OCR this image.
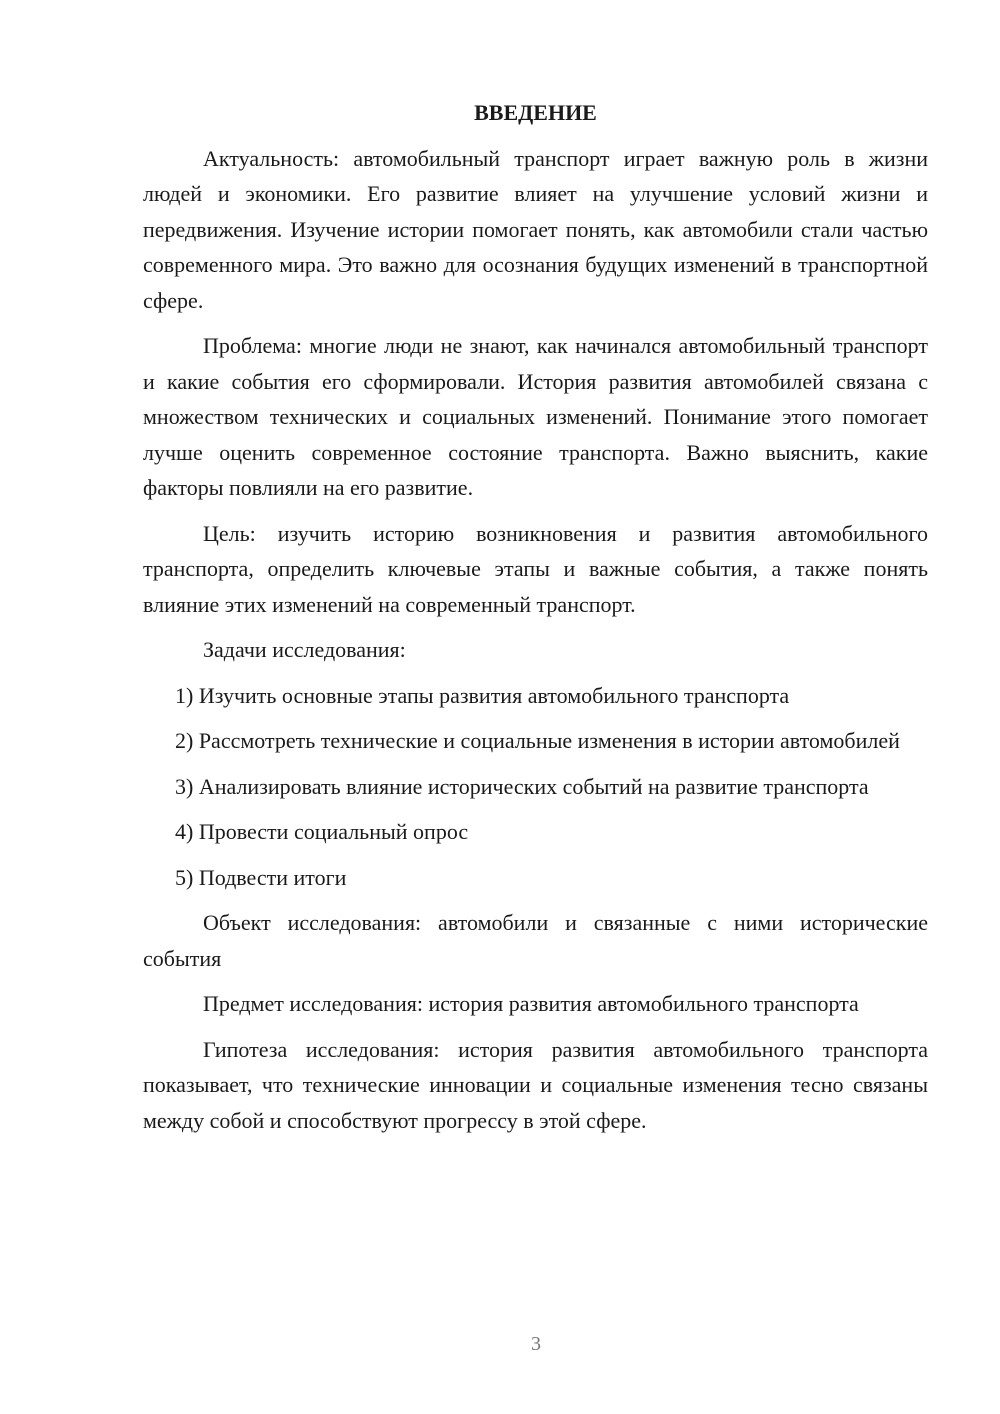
ВВЕДЕНИЕ

Актуальность: автомобильный транспорт играет важную роль в жизни людей и экономики. Его развитие влияет на улучшение условий жизни и передвижения. Изучение истории помогает понять, как автомобили стали частью современного мира. Это важно для осознания будущих изменений в транспортной сфере.

Проблема: многие люди не знают, как начинался автомобильный транспорт и какие события его сформировали. История развития автомобилей связана с множеством технических и социальных изменений. Понимание этого помогает лучше оценить современное состояние транспорта. Важно выяснить, какие факторы повлияли на его развитие.

Цель: изучить историю возникновения и развития автомобильного транспорта, определить ключевые этапы и важные события, а также понять влияние этих изменений на современный транспорт.

Задачи исследования:

1) Изучить основные этапы развития автомобильного транспорта

2) Рассмотреть технические и социальные изменения в истории автомобилей

3) Анализировать влияние исторических событий на развитие транспорта

4) Провести социальный опрос

5) Подвести итоги

Объект исследования: автомобили и связанные с ними исторические события

Предмет исследования: история развития автомобильного транспорта

Гипотеза исследования: история развития автомобильного транспорта показывает, что технические инновации и социальные изменения тесно связаны между собой и способствуют прогрессу в этой сфере.

3
